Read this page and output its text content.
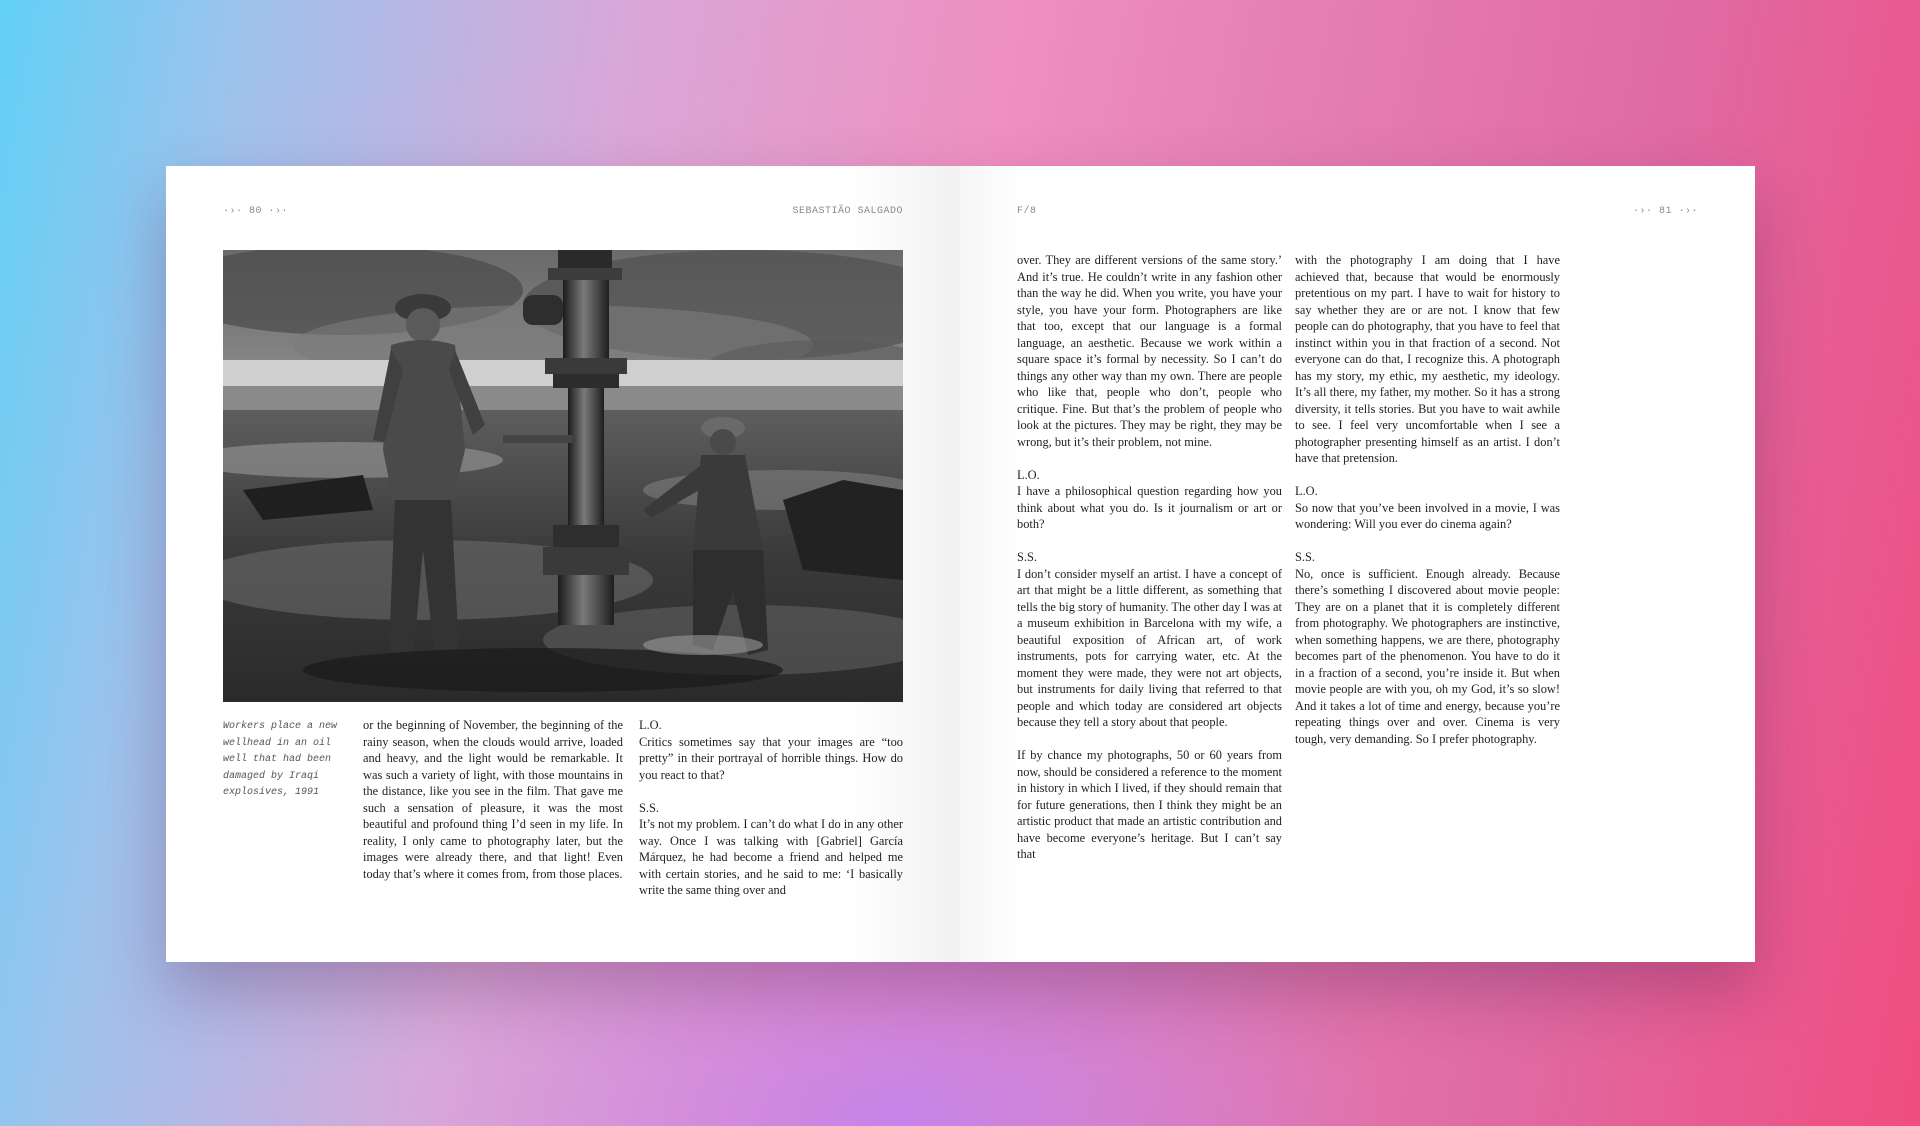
·›· 80 ·›·	SEBASTIÃO SALGADO
Workers place a new wellhead in an oil well that had been damaged by Iraqi explosives, 1991

or the beginning of November, the beginning of the rainy season, when the clouds would arrive, loaded and heavy, and the light would be remarkable. It was such a variety of light, with those mountains in the distance, like you see in the film. That gave me such a sensation of pleasure, it was the most beautiful and profound thing I’d seen in my life. In reality, I only came to photography later, but the images were already there, and that light! Even today that’s where it comes from, from those places.

L.O.
Critics sometimes say that your images are “too pretty” in their portrayal of horrible things. How do you react to that?

S.S.
It’s not my problem. I can’t do what I do in any other way. Once I was talking with [Gabriel] García Márquez, he had become a friend and helped me with certain stories, and he said to me: ‘I basically write the same thing over and

F/8	·›· 81 ·›·

over. They are different versions of the same story.’ And it’s true. He couldn’t write in any fashion other than the way he did. When you write, you have your style, you have your form. Photographers are like that too, except that our language is a formal language, an aesthetic. Because we work within a square space it’s formal by necessity. So I can’t do things any other way than my own. There are people who like that, people who don’t, people who critique. Fine. But that’s the problem of people who look at the pictures. They may be right, they may be wrong, but it’s their problem, not mine.

L.O.
I have a philosophical question regarding how you think about what you do. Is it journalism or art or both?

S.S.
I don’t consider myself an artist. I have a concept of art that might be a little different, as something that tells the big story of humanity. The other day I was at a museum exhibition in Barcelona with my wife, a beautiful exposition of African art, of work instruments, pots for carrying water, etc. At the moment they were made, they were not art objects, but instruments for daily living that referred to that people and which today are considered art objects because they tell a story about that people.

If by chance my photographs, 50 or 60 years from now, should be considered a reference to the moment in history in which I lived, if they should remain that for future generations, then I think they might be an artistic product that made an artistic contribution and have become everyone’s heritage. But I can’t say that

with the photography I am doing that I have achieved that, because that would be enormously pretentious on my part. I have to wait for history to say whether they are or are not. I know that few people can do photography, that you have to feel that instinct within you in that fraction of a second. Not everyone can do that, I recognize this. A photograph has my story, my ethic, my aesthetic, my ideology. It’s all there, my father, my mother. So it has a strong diversity, it tells stories. But you have to wait awhile to see. I feel very uncomfortable when I see a photographer presenting himself as an artist. I don’t have that pretension.

L.O.
So now that you’ve been involved in a movie, I was wondering: Will you ever do cinema again?

S.S.
No, once is sufficient. Enough already. Because there’s something I discovered about movie people: They are on a planet that it is completely different from photography. We photographers are instinctive, when something happens, we are there, photography becomes part of the phenomenon. You have to do it in a fraction of a second, you’re inside it. But when movie people are with you, oh my God, it’s so slow! And it takes a lot of time and energy, because you’re repeating things over and over. Cinema is very tough, very demanding. So I prefer photography.
